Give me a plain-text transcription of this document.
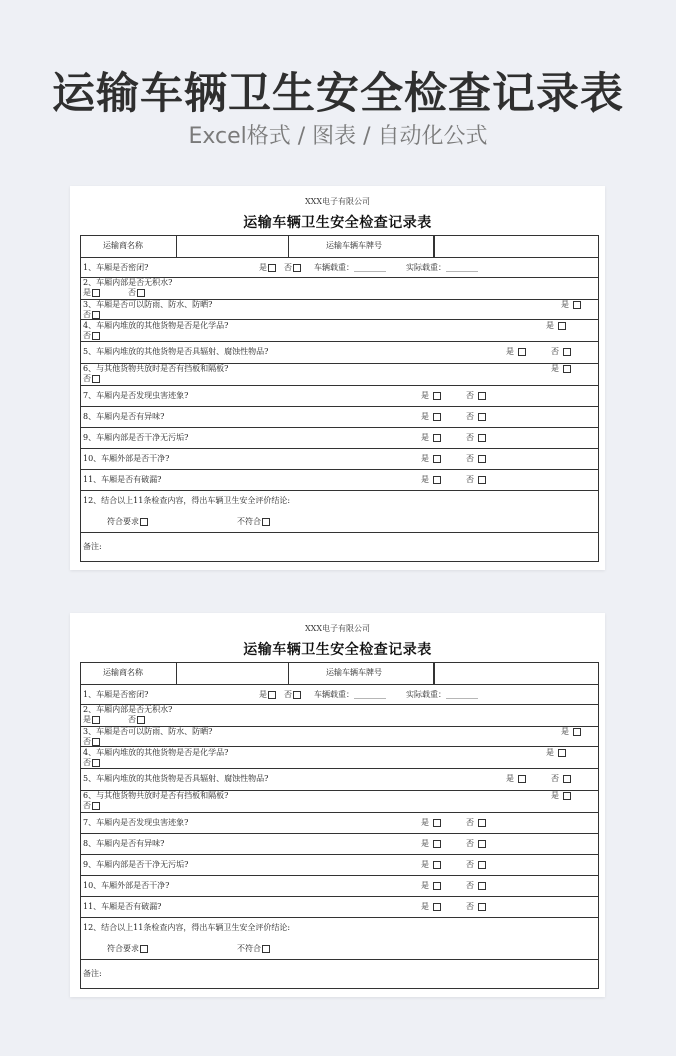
运输车辆卫生安全检查记录表
Excel格式 / 图表 / 自动化公式
XXX电子有限公司
运输车辆卫生安全检查记录表
运输商名称	运输车辆车牌号
1、车厢是否密闭?	是	否	车辆载重：________	实际载重：________
2、车厢内部是否无积水?
是	否
3、车厢是否可以防雨、防水、防晒?	是
否
4、车厢内堆放的其他货物是否是化学品?	是
否
5、车厢内堆放的其他货物是否具辐射、腐蚀性物品?	是	否
6、与其他货物共放时是否有挡板和隔板?	是
否
7、车厢内是否发现虫害迹象?	是	否
8、车厢内是否有异味?	是	否
9、车厢内部是否干净无污垢?	是	否
10、车厢外部是否干净?	是	否
11、车厢是否有破漏?	是	否
12、结合以上11条检查内容，得出车辆卫生安全评价结论:
符合要求	不符合
备注:
XXX电子有限公司
运输车辆卫生安全检查记录表
运输商名称	运输车辆车牌号
1、车厢是否密闭?	是	否	车辆载重：________	实际载重：________
2、车厢内部是否无积水?
是	否
3、车厢是否可以防雨、防水、防晒?	是
否
4、车厢内堆放的其他货物是否是化学品?	是
否
5、车厢内堆放的其他货物是否具辐射、腐蚀性物品?	是	否
6、与其他货物共放时是否有挡板和隔板?	是
否
7、车厢内是否发现虫害迹象?	是	否
8、车厢内是否有异味?	是	否
9、车厢内部是否干净无污垢?	是	否
10、车厢外部是否干净?	是	否
11、车厢是否有破漏?	是	否
12、结合以上11条检查内容，得出车辆卫生安全评价结论:
符合要求	不符合
备注:
